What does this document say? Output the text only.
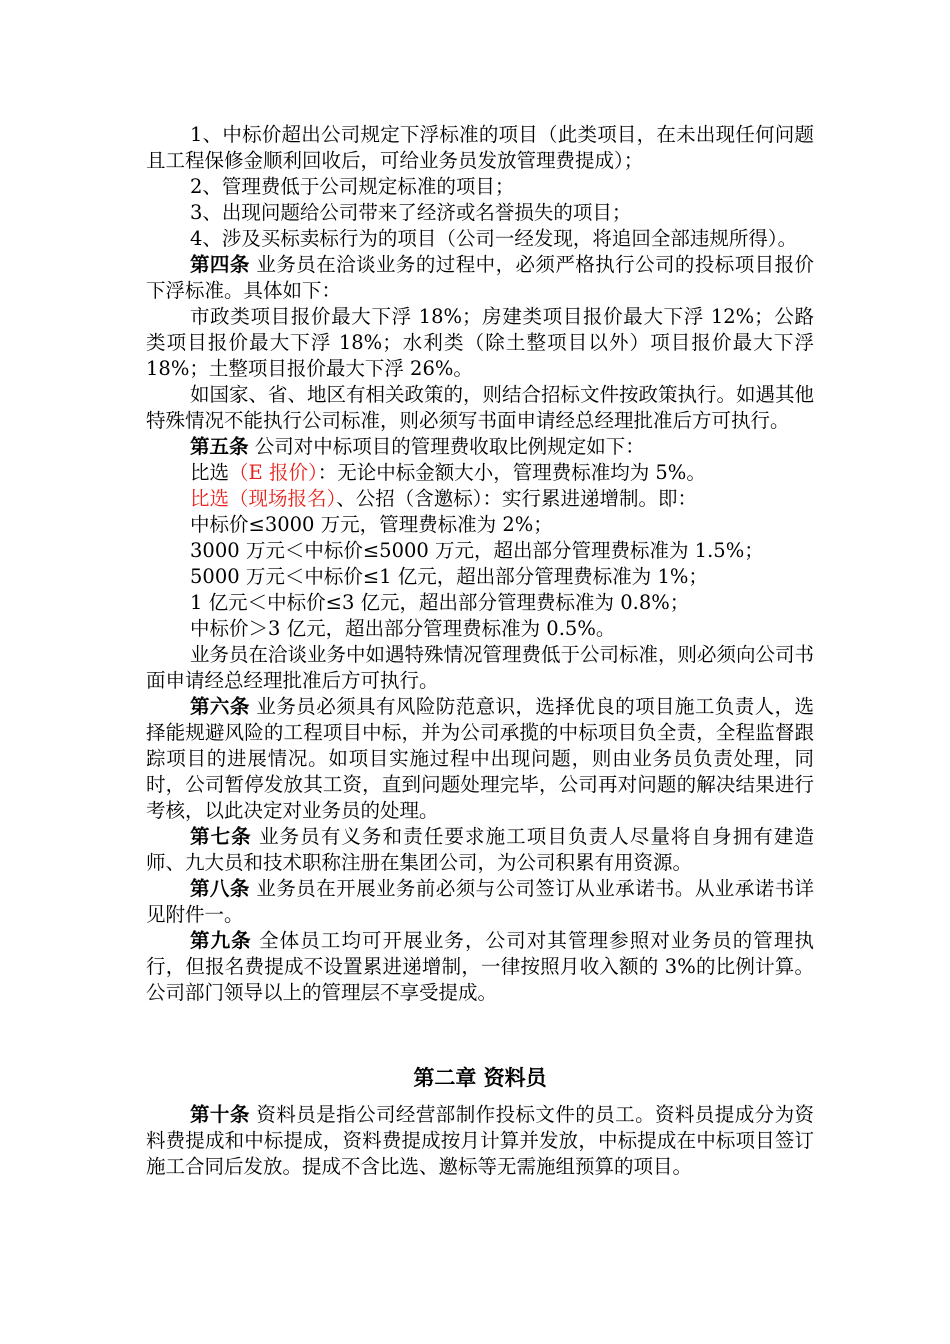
1、中标价超出公司规定下浮标准的项目（此类项目，在未出现任何问题且工程保修金顺利回收后，可给业务员发放管理费提成）；

2、管理费低于公司规定标准的项目；

3、出现问题给公司带来了经济或名誉损失的项目；

4、涉及买标卖标行为的项目（公司一经发现，将追回全部违规所得）。

第四条 业务员在洽谈业务的过程中，必须严格执行公司的投标项目报价下浮标准。具体如下：

市政类项目报价最大下浮 18%；房建类项目报价最大下浮 12%；公路类项目报价最大下浮 18%；水利类（除土整项目以外）项目报价最大下浮 18%；土整项目报价最大下浮 26%。

如国家、省、地区有相关政策的，则结合招标文件按政策执行。如遇其他特殊情况不能执行公司标准，则必须写书面申请经总经理批准后方可执行。

第五条 公司对中标项目的管理费收取比例规定如下：

比选（E 报价）：无论中标金额大小，管理费标准均为 5%。

比选（现场报名）、公招（含邀标）：实行累进递增制。即：

中标价≤3000 万元，管理费标准为 2%；
3000 万元＜中标价≤5000 万元，超出部分管理费标准为 1.5%；
5000 万元＜中标价≤1 亿元，超出部分管理费标准为 1%；
1 亿元＜中标价≤3 亿元，超出部分管理费标准为 0.8%；
中标价＞3 亿元，超出部分管理费标准为 0.5%。

业务员在洽谈业务中如遇特殊情况管理费低于公司标准，则必须向公司书面申请经总经理批准后方可执行。

第六条 业务员必须具有风险防范意识，选择优良的项目施工负责人，选择能规避风险的工程项目中标，并为公司承揽的中标项目负全责，全程监督跟踪项目的进展情况。如项目实施过程中出现问题，则由业务员负责处理，同时，公司暂停发放其工资，直到问题处理完毕，公司再对问题的解决结果进行考核，以此决定对业务员的处理。

第七条 业务员有义务和责任要求施工项目负责人尽量将自身拥有建造师、九大员和技术职称注册在集团公司，为公司积累有用资源。

第八条 业务员在开展业务前必须与公司签订从业承诺书。从业承诺书详见附件一。

第九条 全体员工均可开展业务，公司对其管理参照对业务员的管理执行，但报名费提成不设置累进递增制，一律按照月收入额的 3%的比例计算。公司部门领导以上的管理层不享受提成。

第二章 资料员

第十条 资料员是指公司经营部制作投标文件的员工。资料员提成分为资料费提成和中标提成，资料费提成按月计算并发放，中标提成在中标项目签订施工合同后发放。提成不含比选、邀标等无需施组预算的项目。
